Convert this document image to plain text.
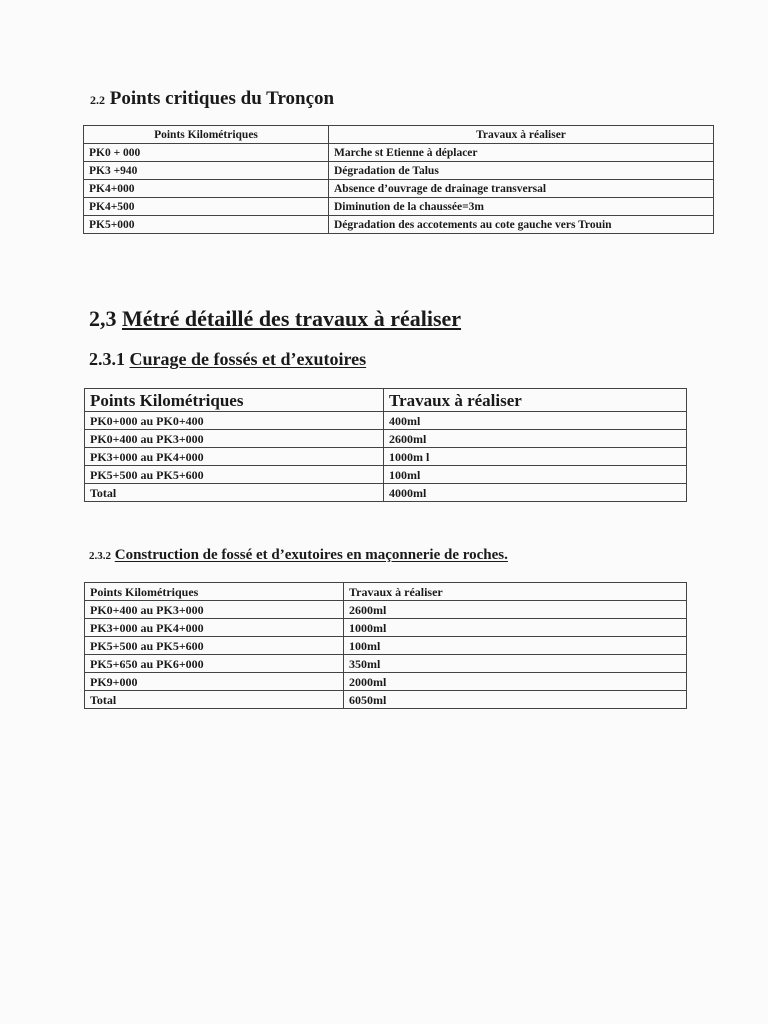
2.2 Points critiques du Tronçon
Points Kilométriques	Travaux à réaliser
PK0 + 000	Marche st Etienne à déplacer
PK3 +940	Dégradation de Talus
PK4+000	Absence d’ouvrage de drainage transversal
PK4+500	Diminution de la chaussée=3m
PK5+000	Dégradation des accotements au cote gauche vers Trouin
2,3 Métré détaillé des travaux à réaliser
2.3.1 Curage de fossés et d’exutoires
Points Kilométriques	Travaux à réaliser
PK0+000 au PK0+400	400ml
PK0+400 au PK3+000	2600ml
PK3+000 au PK4+000	1000m l
PK5+500 au PK5+600	100ml
Total	4000ml
2.3.2 Construction de fossé et d’exutoires en maçonnerie de roches.
Points Kilométriques	Travaux à réaliser
PK0+400 au PK3+000	2600ml
PK3+000 au PK4+000	1000ml
PK5+500 au PK5+600	100ml
PK5+650 au PK6+000	350ml
PK9+000	2000ml
Total	6050ml
